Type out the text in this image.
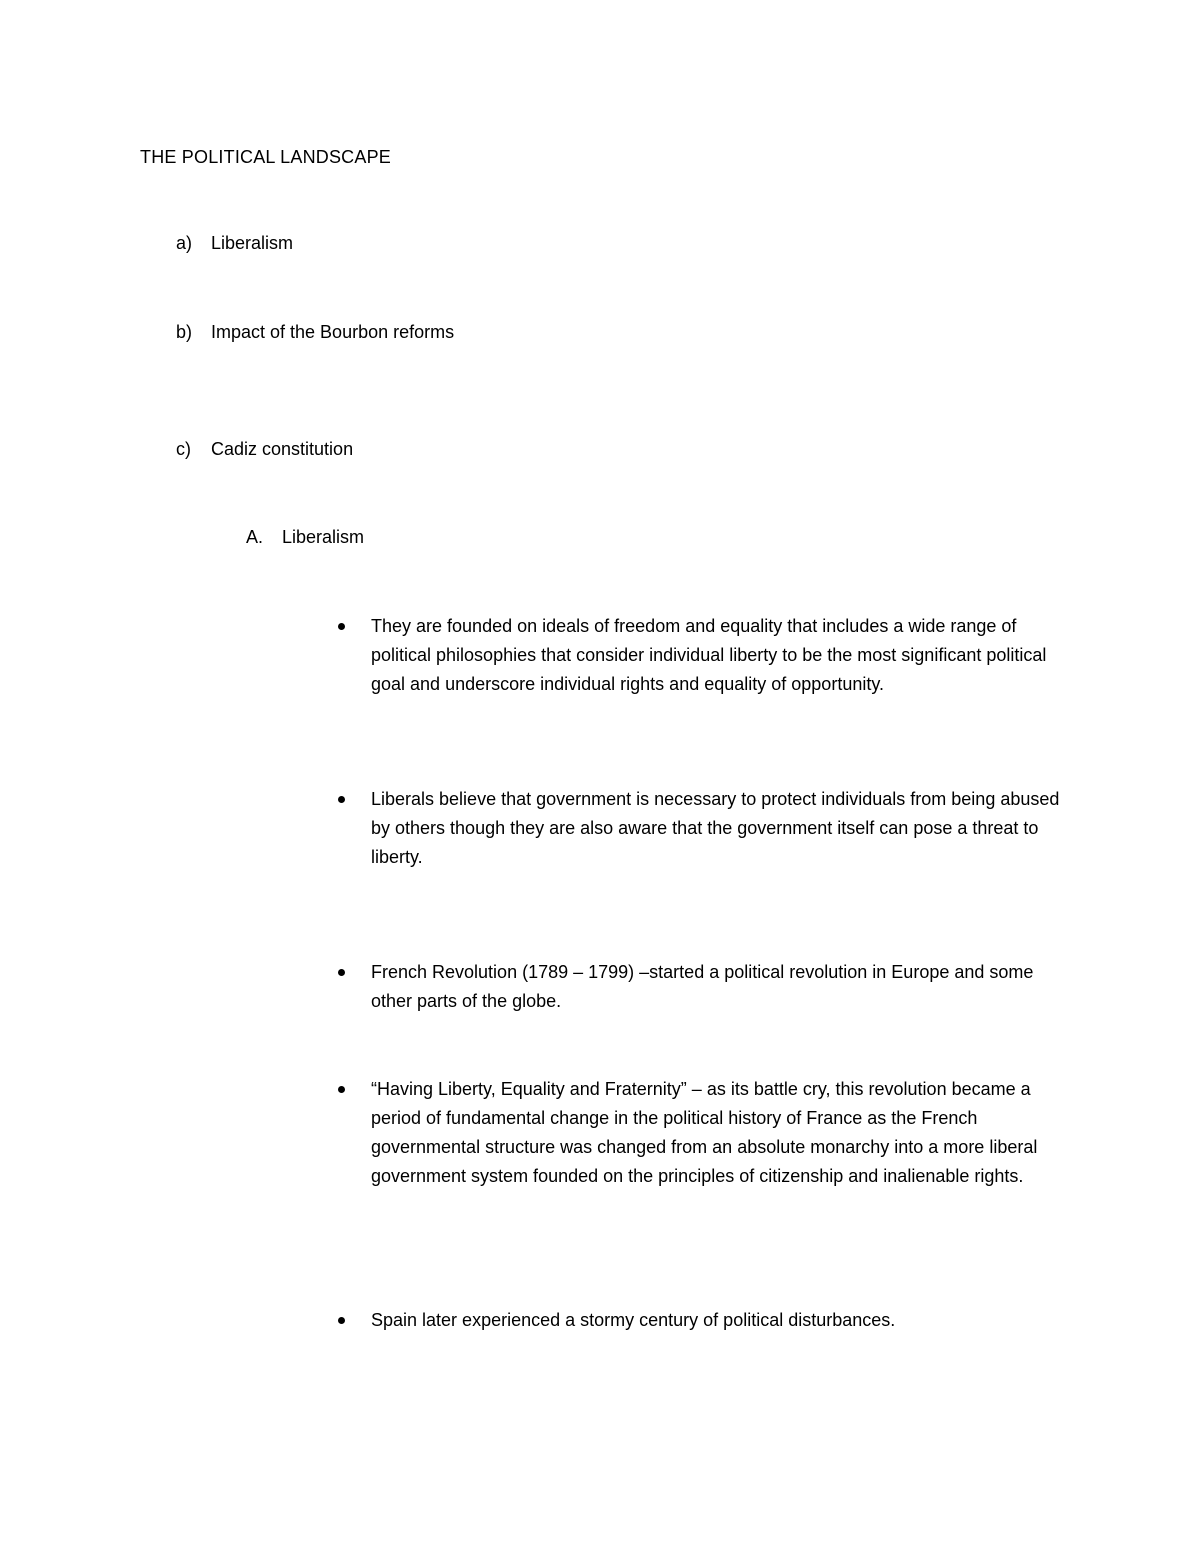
THE POLITICAL LANDSCAPE
a) Liberalism
b) Impact of the Bourbon reforms
c) Cadiz constitution
A. Liberalism
They are founded on ideals of freedom and equality that includes a wide range of political philosophies that consider individual liberty to be the most significant political goal and underscore individual rights and equality of opportunity.
Liberals believe that government is necessary to protect individuals from being abused by others though they are also aware that the government itself can pose a threat to liberty.
French Revolution (1789 – 1799) –started a political revolution in Europe and some other parts of the globe.
“Having Liberty, Equality and Fraternity” – as its battle cry, this revolution became a period of fundamental change in the political history of France as the French governmental structure was changed from an absolute monarchy into a more liberal government system founded on the principles of citizenship and inalienable rights.
Spain later experienced a stormy century of political disturbances.
